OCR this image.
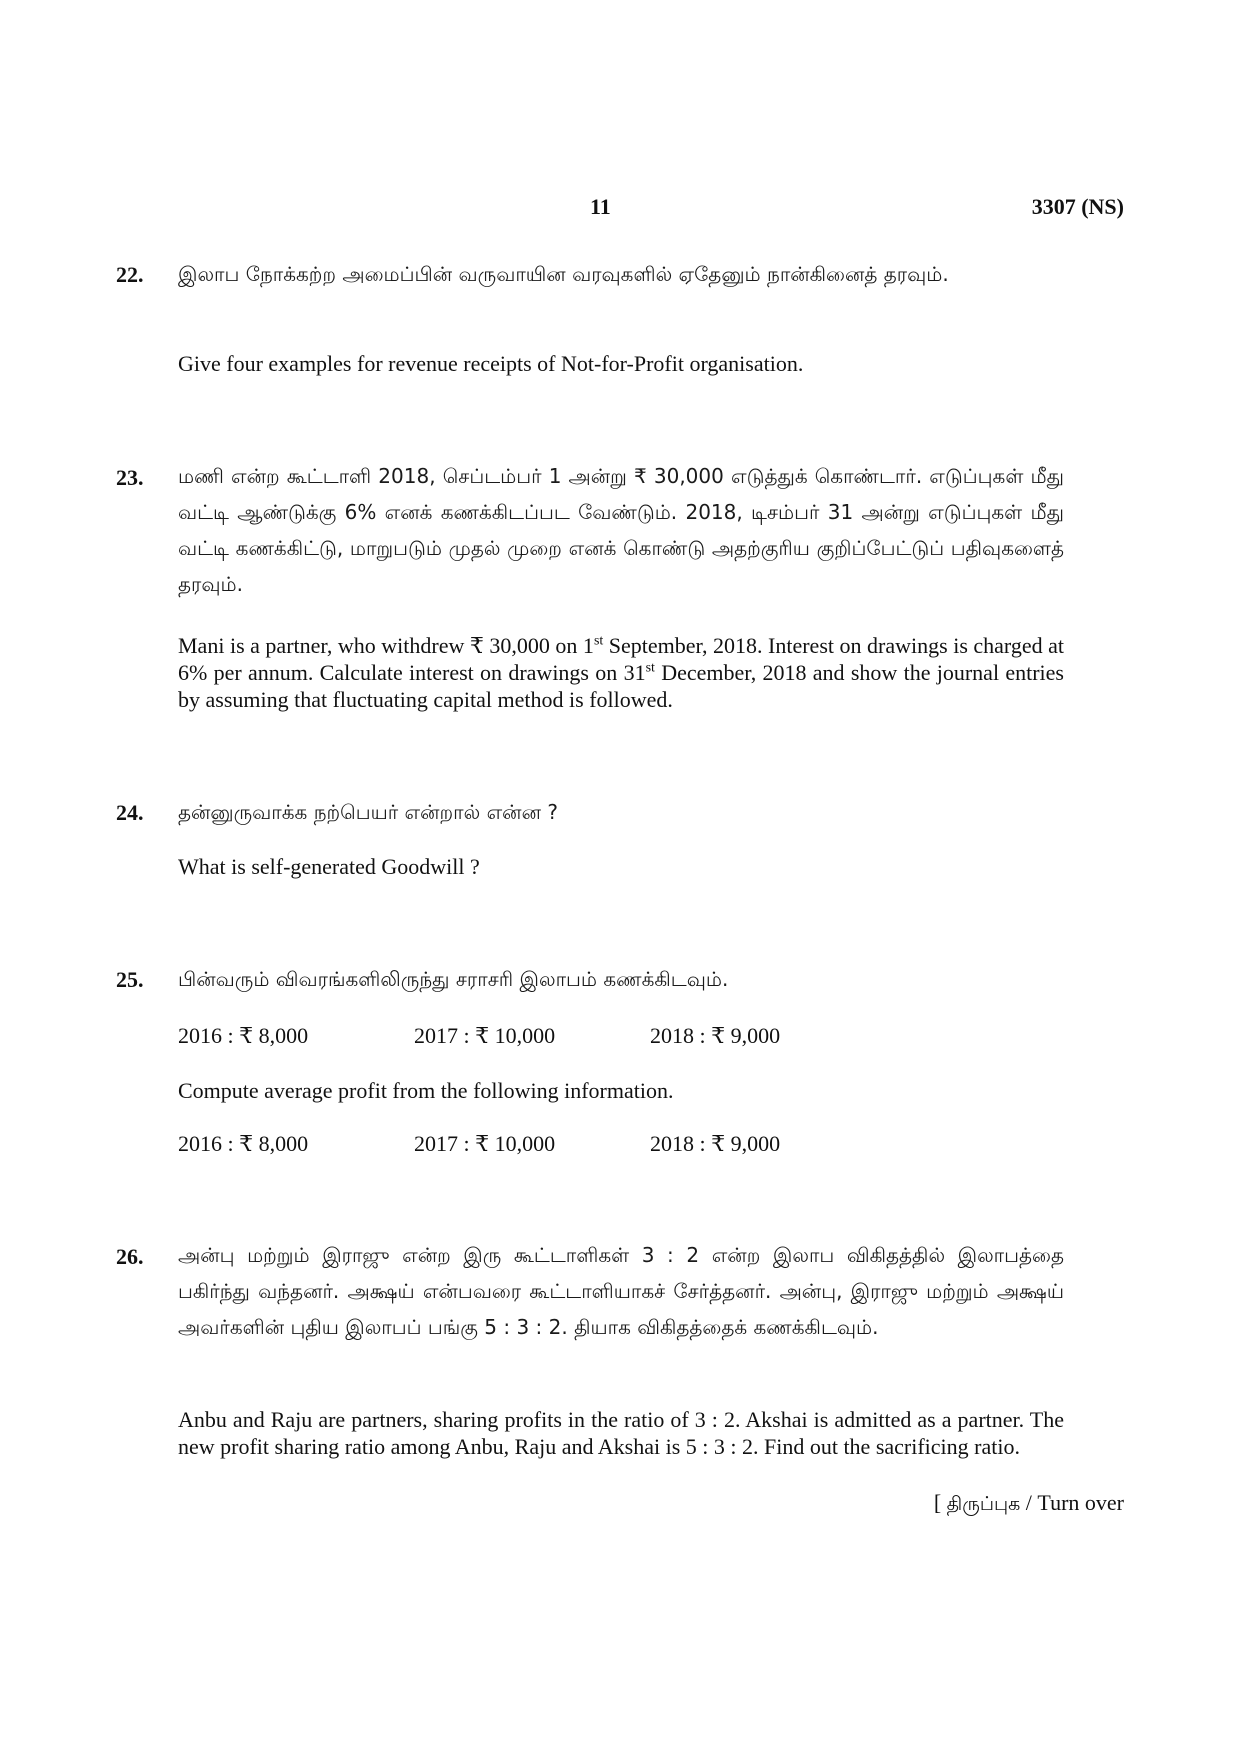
11	3307 (NS)
22. இலாப நோக்கற்ற அமைப்பின் வருவாயின வரவுகளில் ஏதேனும் நான்கினைத் தரவும்.
Give four examples for revenue receipts of Not-for-Profit organisation.
23. மணி என்ற கூட்டாளி 2018, செப்டம்பர் 1 அன்று ₹ 30,000 எடுத்துக் கொண்டார். எடுப்புகள் மீது வட்டி ஆண்டுக்கு 6% எனக் கணக்கிடப்பட வேண்டும். 2018, டிசம்பர் 31 அன்று எடுப்புகள் மீது வட்டி கணக்கிட்டு, மாறுபடும் முதல் முறை எனக் கொண்டு அதற்குரிய குறிப்பேட்டுப் பதிவுகளைத் தரவும்.
Mani is a partner, who withdrew ₹ 30,000 on 1st September, 2018. Interest on drawings is charged at 6% per annum. Calculate interest on drawings on 31st December, 2018 and show the journal entries by assuming that fluctuating capital method is followed.
24. தன்னுருவாக்க நற்பெயர் என்றால் என்ன ?
What is self-generated Goodwill ?
25. பின்வரும் விவரங்களிலிருந்து சராசரி இலாபம் கணக்கிடவும்.
2016 : ₹ 8,000	2017 : ₹ 10,000	2018 : ₹ 9,000
Compute average profit from the following information.
2016 : ₹ 8,000	2017 : ₹ 10,000	2018 : ₹ 9,000
26. அன்பு மற்றும் இராஜு என்ற இரு கூட்டாளிகள் 3 : 2 என்ற இலாப விகிதத்தில் இலாபத்தை பகிர்ந்து வந்தனர். அக்ஷய் என்பவரை கூட்டாளியாகச் சேர்த்தனர். அன்பு, இராஜு மற்றும் அக்ஷய் அவர்களின் புதிய இலாபப் பங்கு 5 : 3 : 2. தியாக விகிதத்தைக் கணக்கிடவும்.
Anbu and Raju are partners, sharing profits in the ratio of 3 : 2. Akshai is admitted as a partner. The new profit sharing ratio among Anbu, Raju and Akshai is 5 : 3 : 2. Find out the sacrificing ratio.
[ திருப்புக / Turn over
